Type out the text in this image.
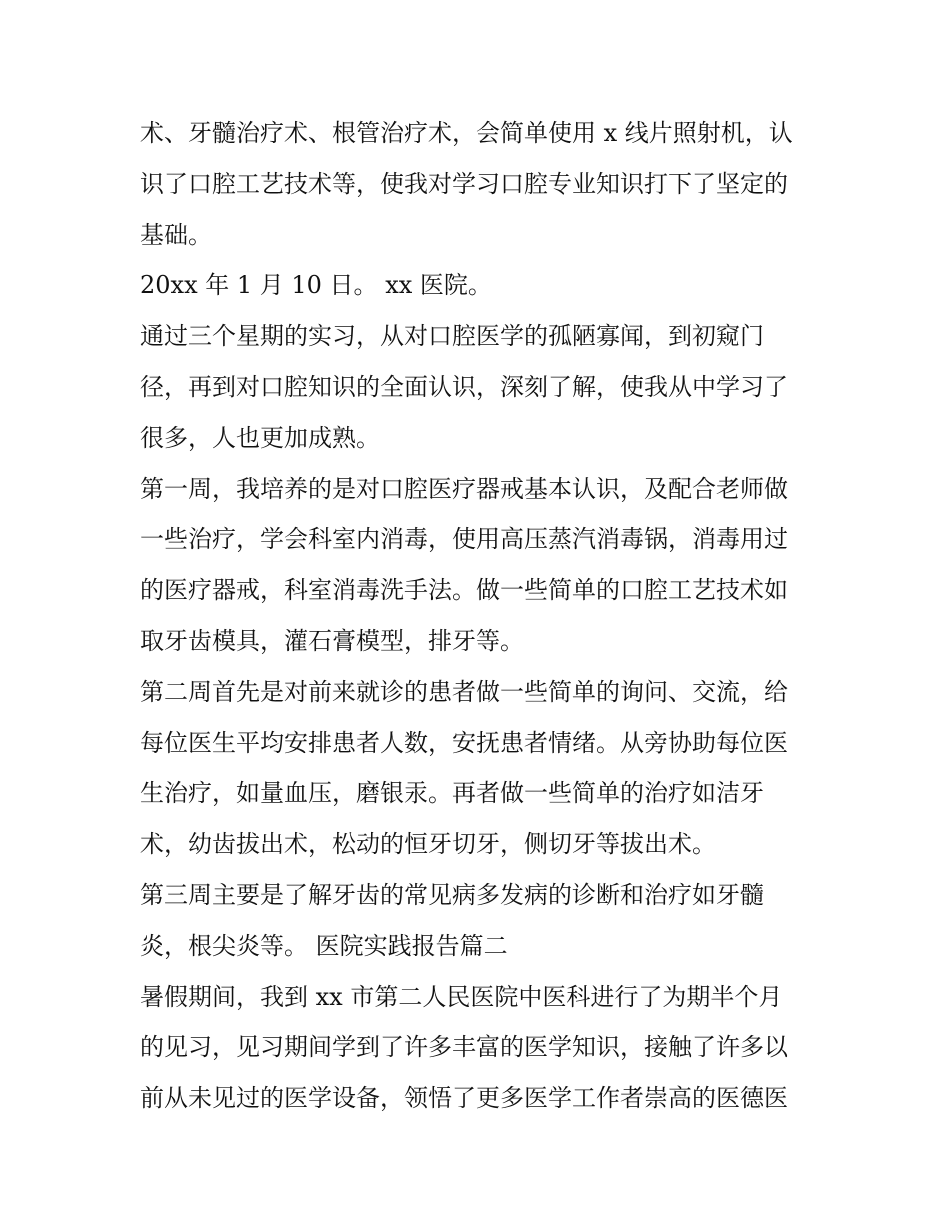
术、牙髓治疗术、根管治疗术，会简单使用 x 线片照射机，认
识了口腔工艺技术等，使我对学习口腔专业知识打下了坚定的
基础。
20xx 年 1 月 10 日。 xx 医院。
通过三个星期的实习，从对口腔医学的孤陋寡闻，到初窥门
径，再到对口腔知识的全面认识，深刻了解，使我从中学习了
很多，人也更加成熟。
第一周，我培养的是对口腔医疗器戒基本认识，及配合老师做
一些治疗，学会科室内消毒，使用高压蒸汽消毒锅，消毒用过
的医疗器戒，科室消毒洗手法。做一些简单的口腔工艺技术如
取牙齿模具，灌石膏模型，排牙等。
第二周首先是对前来就诊的患者做一些简单的询问、交流，给
每位医生平均安排患者人数，安抚患者情绪。从旁协助每位医
生治疗，如量血压，磨银汞。再者做一些简单的治疗如洁牙
术，幼齿拔出术，松动的恒牙切牙，侧切牙等拔出术。
第三周主要是了解牙齿的常见病多发病的诊断和治疗如牙髓
炎，根尖炎等。 医院实践报告篇二
暑假期间，我到 xx 市第二人民医院中医科进行了为期半个月
的见习，见习期间学到了许多丰富的医学知识，接触了许多以
前从未见过的医学设备，领悟了更多医学工作者崇高的医德医
